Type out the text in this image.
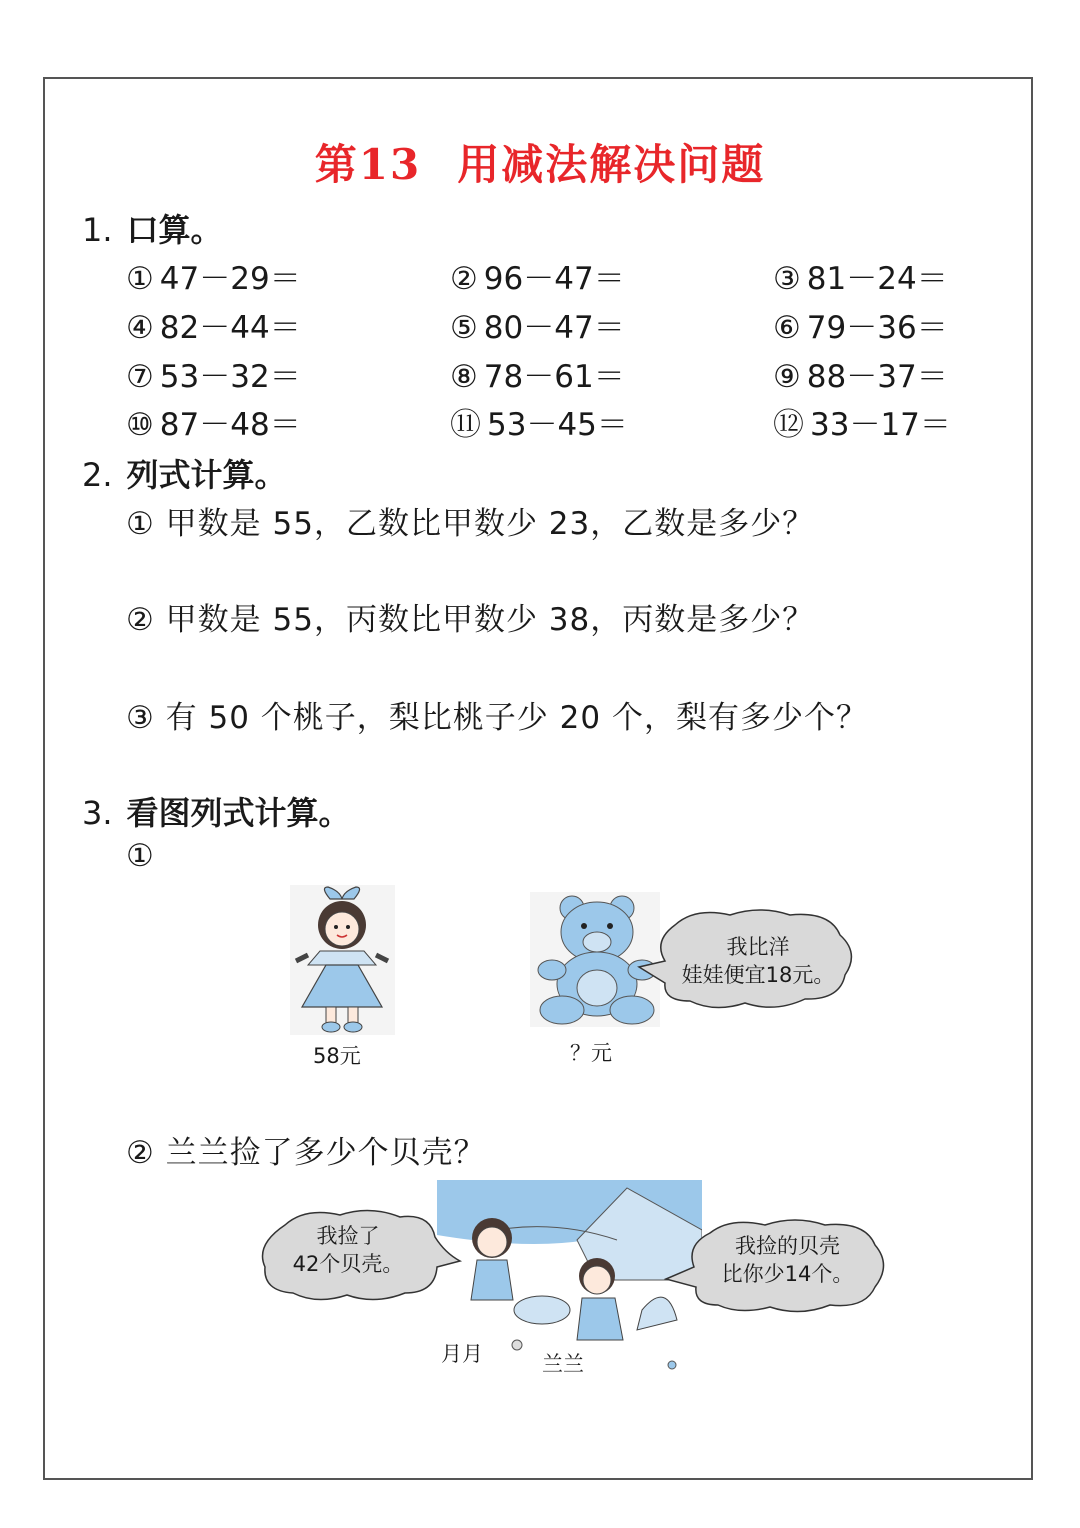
第13 用减法解决问题
1. 口算。
① 47－29＝	② 96－47＝	③ 81－24＝
④ 82－44＝	⑤ 80－47＝	⑥ 79－36＝
⑦ 53－32＝	⑧ 78－61＝	⑨ 88－37＝
⑩ 87－48＝	⑪ 53－45＝	⑫ 33－17＝
2. 列式计算。
① 甲数是 55，乙数比甲数少 23，乙数是多少？
② 甲数是 55，丙数比甲数少 38，丙数是多少？
③ 有 50 个桃子，梨比桃子少 20 个，梨有多少个？
3. 看图列式计算。
①
58元	？元
我比洋
娃娃便宜18元。
② 兰兰捡了多少个贝壳？
月月	兰兰
我捡了
42个贝壳。
我捡的贝壳
比你少14个。
